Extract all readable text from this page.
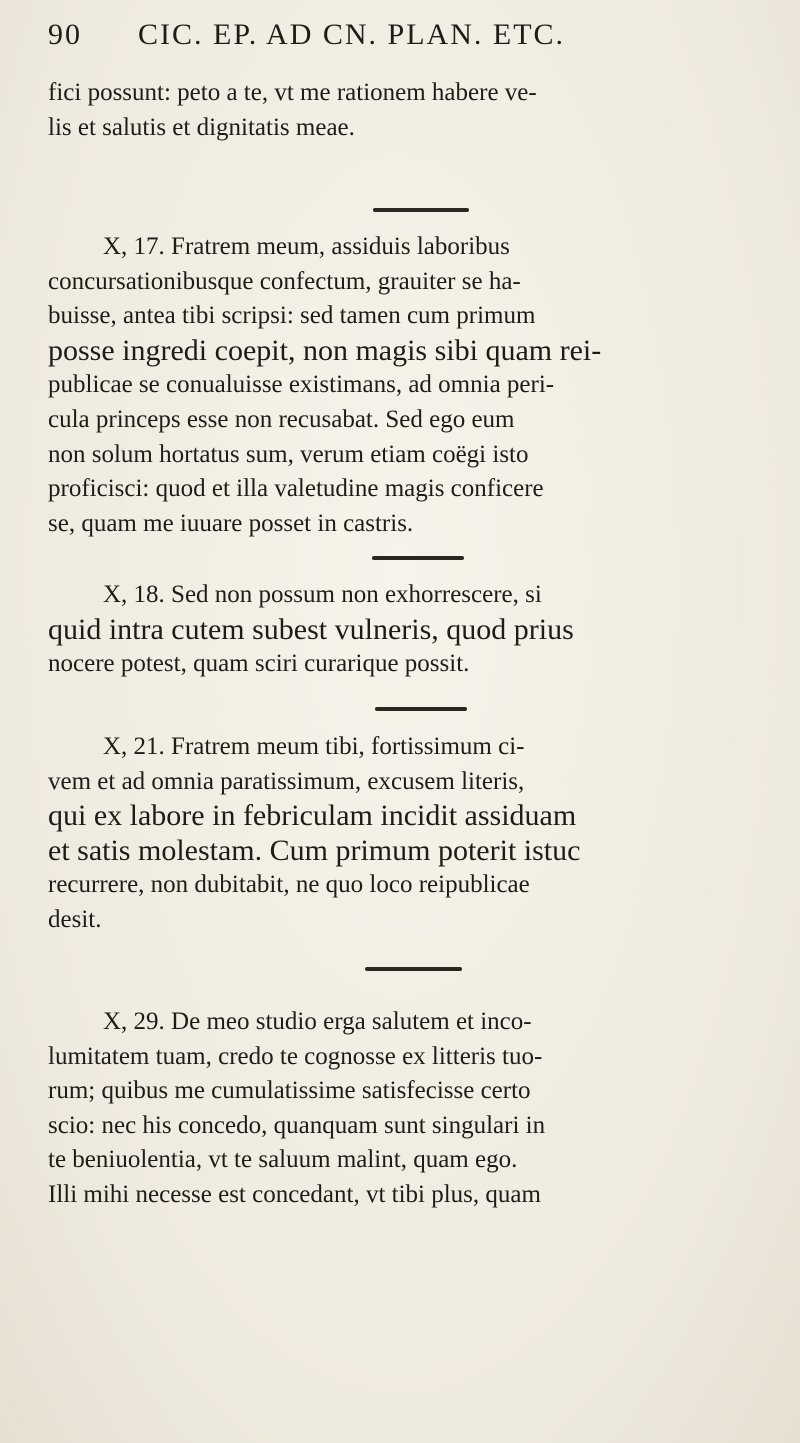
90 CIC. EP. AD CN. PLAN. ETC.
fici possunt: peto a te, vt me rationem habere ve-
lis et salutis et dignitatis meae.
X, 17. Fratrem meum, assiduis laboribus
concursationibusque confectum, grauiter se ha-
buisse, antea tibi scripsi: sed tamen cum primum
posse ingredi coepit, non magis sibi quam rei-
publicae se conualuisse existimans, ad omnia peri-
cula princeps esse non recusabat. Sed ego eum
non solum hortatus sum, verum etiam coëgi isto
proficisci: quod et illa valetudine magis conficere
se, quam me iuuare posset in castris.
X, 18. Sed non possum non exhorrescere, si
quid intra cutem subest vulneris, quod prius
nocere potest, quam sciri curarique possit.
X, 21. Fratrem meum tibi, fortissimum ci-
vem et ad omnia paratissimum, excusem literis,
qui ex labore in febriculam incidit assiduam
et satis molestam. Cum primum poterit istuc
recurrere, non dubitabit, ne quo loco reipublicae
desit.
X, 29. De meo studio erga salutem et inco-
lumitatem tuam, credo te cognosse ex litteris tuo-
rum; quibus me cumulatissime satisfecisse certo
scio: nec his concedo, quanquam sunt singulari in
te beniuolentia, vt te saluum malint, quam ego.
Illi mihi necesse est concedant, vt tibi plus, quam
